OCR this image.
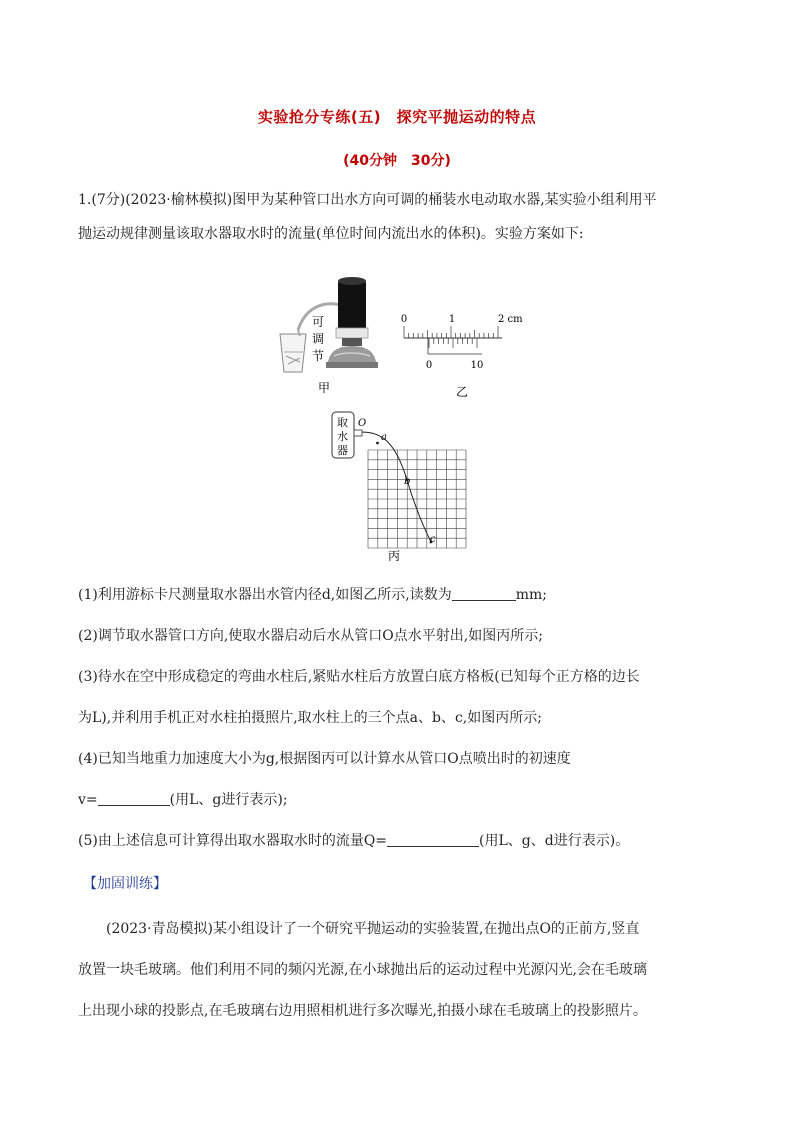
实验抢分专练(五)　探究平抛运动的特点
(40分钟　30分)
1.(7分)(2023·榆林模拟)图甲为某种管口出水方向可调的桶装水电动取水器,某实验小组利用平
抛运动规律测量该取水器取水时的流量(单位时间内流出水的体积)。实验方案如下:
可
调
节
甲
0	1	2 cm
0	10
乙
取
水
器
O
a
b
c
丙
(1)利用游标卡尺测量取水器出水管内径d,如图乙所示,读数为	mm;
(2)调节取水器管口方向,使取水器启动后水从管口O点水平射出,如图丙所示;
(3)待水在空中形成稳定的弯曲水柱后,紧贴水柱后方放置白底方格板(已知每个正方格的边长
为L),并利用手机正对水柱拍摄照片,取水柱上的三个点a、b、c,如图丙所示;
(4)已知当地重力加速度大小为g,根据图丙可以计算水从管口O点喷出时的初速度
v=	(用L、g进行表示);
(5)由上述信息可计算得出取水器取水时的流量Q=	(用L、g、d进行表示)。
【加固训练】
(2023·青岛模拟)某小组设计了一个研究平抛运动的实验装置,在抛出点O的正前方,竖直
放置一块毛玻璃。他们利用不同的频闪光源,在小球抛出后的运动过程中光源闪光,会在毛玻璃
上出现小球的投影点,在毛玻璃右边用照相机进行多次曝光,拍摄小球在毛玻璃上的投影照片。
